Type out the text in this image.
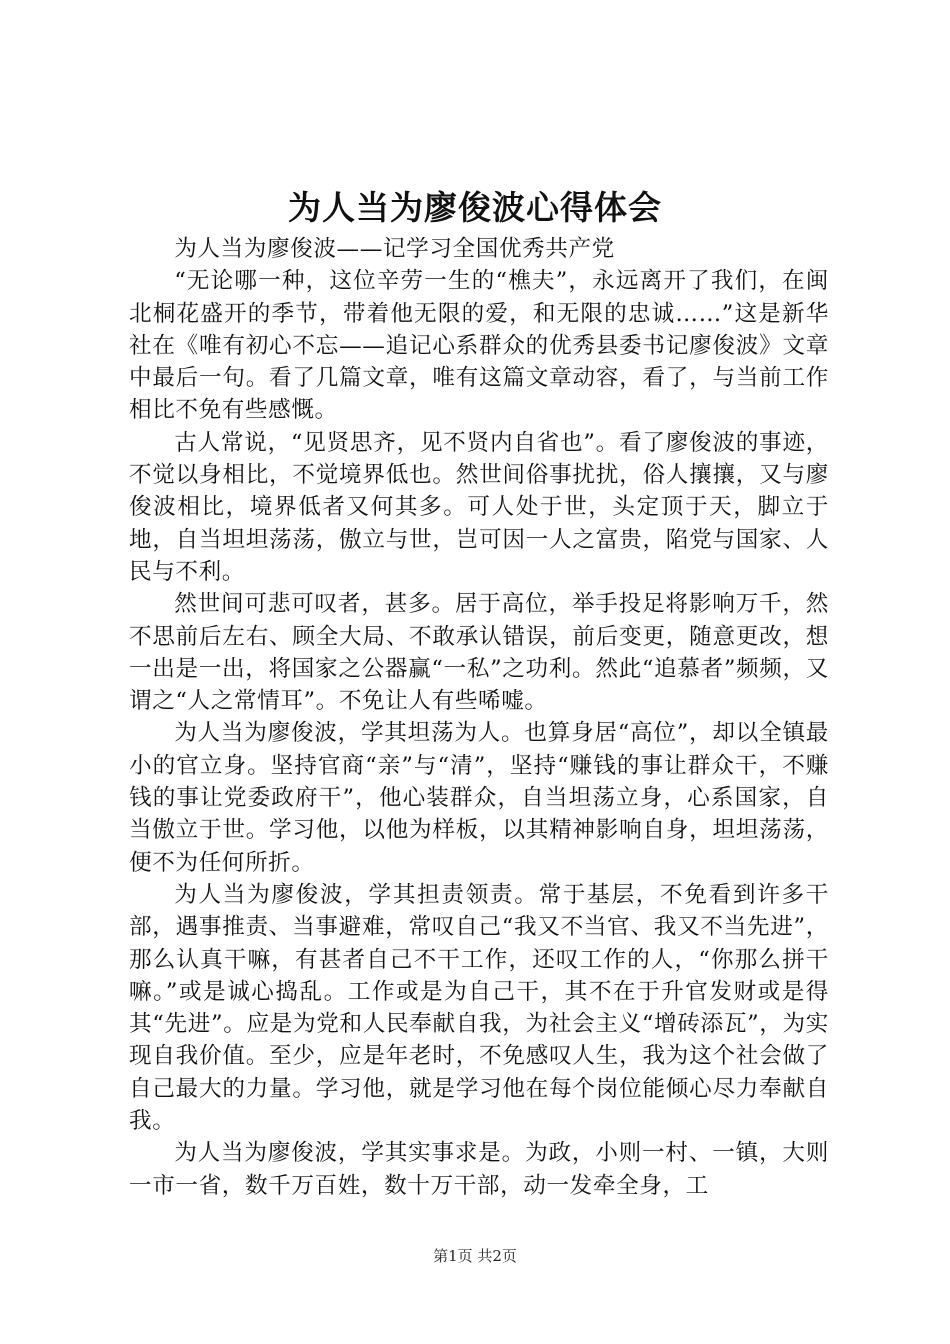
为人当为廖俊波心得体会

为人当为廖俊波——记学习全国优秀共产党

“无论哪一种，这位辛劳一生的“樵夫”，永远离开了我们，在闽北桐花盛开的季节，带着他无限的爱，和无限的忠诚……”这是新华社在《唯有初心不忘——追记心系群众的优秀县委书记廖俊波》文章中最后一句。看了几篇文章，唯有这篇文章动容，看了，与当前工作相比不免有些感慨。

古人常说，“见贤思齐，见不贤内自省也”。看了廖俊波的事迹，不觉以身相比，不觉境界低也。然世间俗事扰扰，俗人攘攘，又与廖俊波相比，境界低者又何其多。可人处于世，头定顶于天，脚立于地，自当坦坦荡荡，傲立与世，岂可因一人之富贵，陷党与国家、人民与不利。

然世间可悲可叹者，甚多。居于高位，举手投足将影响万千，然不思前后左右、顾全大局、不敢承认错误，前后变更，随意更改，想一出是一出，将国家之公器赢“一私”之功利。然此“追慕者”频频，又谓之“人之常情耳”。不免让人有些唏嘘。

为人当为廖俊波，学其坦荡为人。也算身居“高位”，却以全镇最小的官立身。坚持官商“亲”与“清”，坚持“赚钱的事让群众干，不赚钱的事让党委政府干”，他心装群众，自当坦荡立身，心系国家，自当傲立于世。学习他，以他为样板，以其精神影响自身，坦坦荡荡，便不为任何所折。

为人当为廖俊波，学其担责领责。常于基层，不免看到许多干部，遇事推责、当事避难，常叹自己“我又不当官、我又不当先进”，那么认真干嘛，有甚者自己不干工作，还叹工作的人，“你那么拼干嘛。”或是诚心捣乱。工作或是为自己干，其不在于升官发财或是得其“先进”。应是为党和人民奉献自我，为社会主义“增砖添瓦”，为实现自我价值。至少，应是年老时，不免感叹人生，我为这个社会做了自己最大的力量。学习他，就是学习他在每个岗位能倾心尽力奉献自我。

为人当为廖俊波，学其实事求是。为政，小则一村、一镇，大则一市一省，数千万百姓，数十万干部，动一发牵全身，工

第1页 共2页
